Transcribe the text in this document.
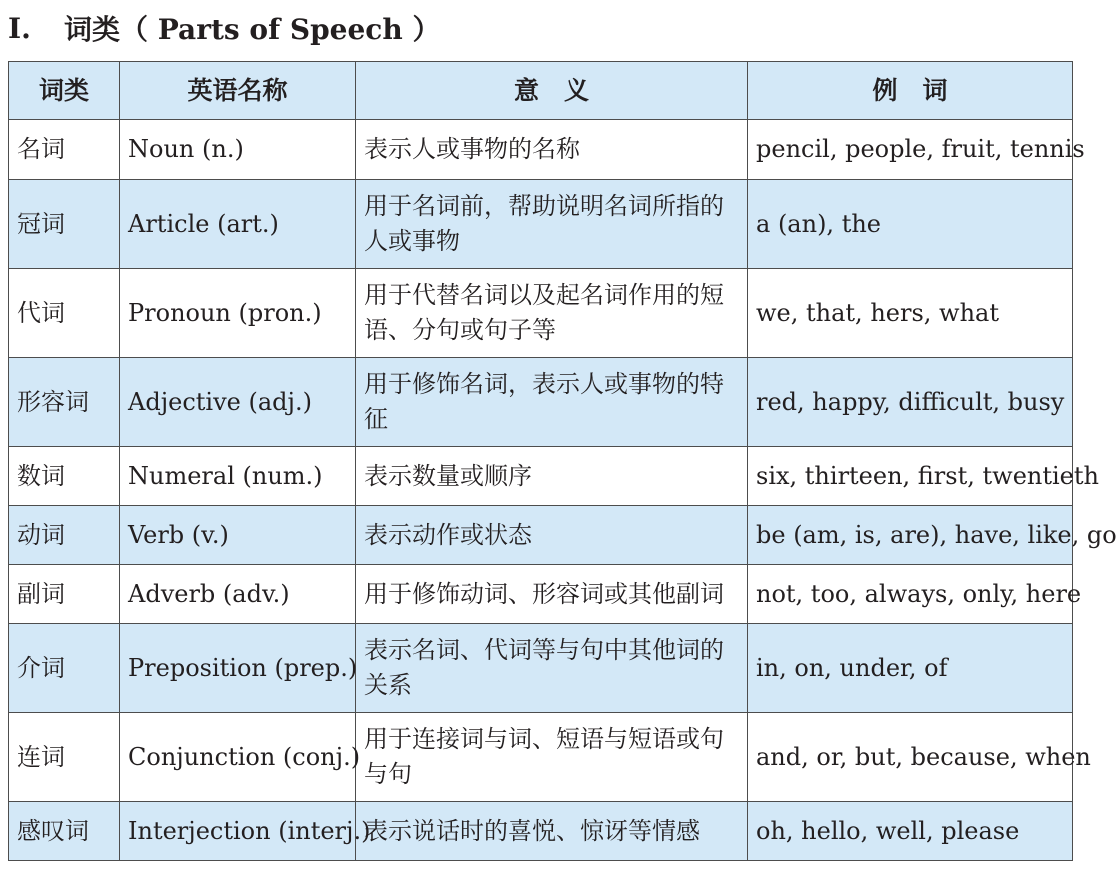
I.	词类（ Parts of Speech ）
词类	英语名称	意　义	例　词
名词	Noun (n.)	表示人或事物的名称	pencil, people, fruit, tennis
冠词	Article (art.)	用于名词前，帮助说明名词所指的人或事物	a (an), the
代词	Pronoun (pron.)	用于代替名词以及起名词作用的短语、分句或句子等	we, that, hers, what
形容词	Adjective (adj.)	用于修饰名词，表示人或事物的特征	red, happy, difficult, busy
数词	Numeral (num.)	表示数量或顺序	six, thirteen, first, twentieth
动词	Verb (v.)	表示动作或状态	be (am, is, are), have, like, go
副词	Adverb (adv.)	用于修饰动词、形容词或其他副词	not, too, always, only, here
介词	Preposition (prep.)	表示名词、代词等与句中其他词的关系	in, on, under, of
连词	Conjunction (conj.)	用于连接词与词、短语与短语或句与句	and, or, but, because, when
感叹词	Interjection (interj.)	表示说话时的喜悦、惊讶等情感	oh, hello, well, please
